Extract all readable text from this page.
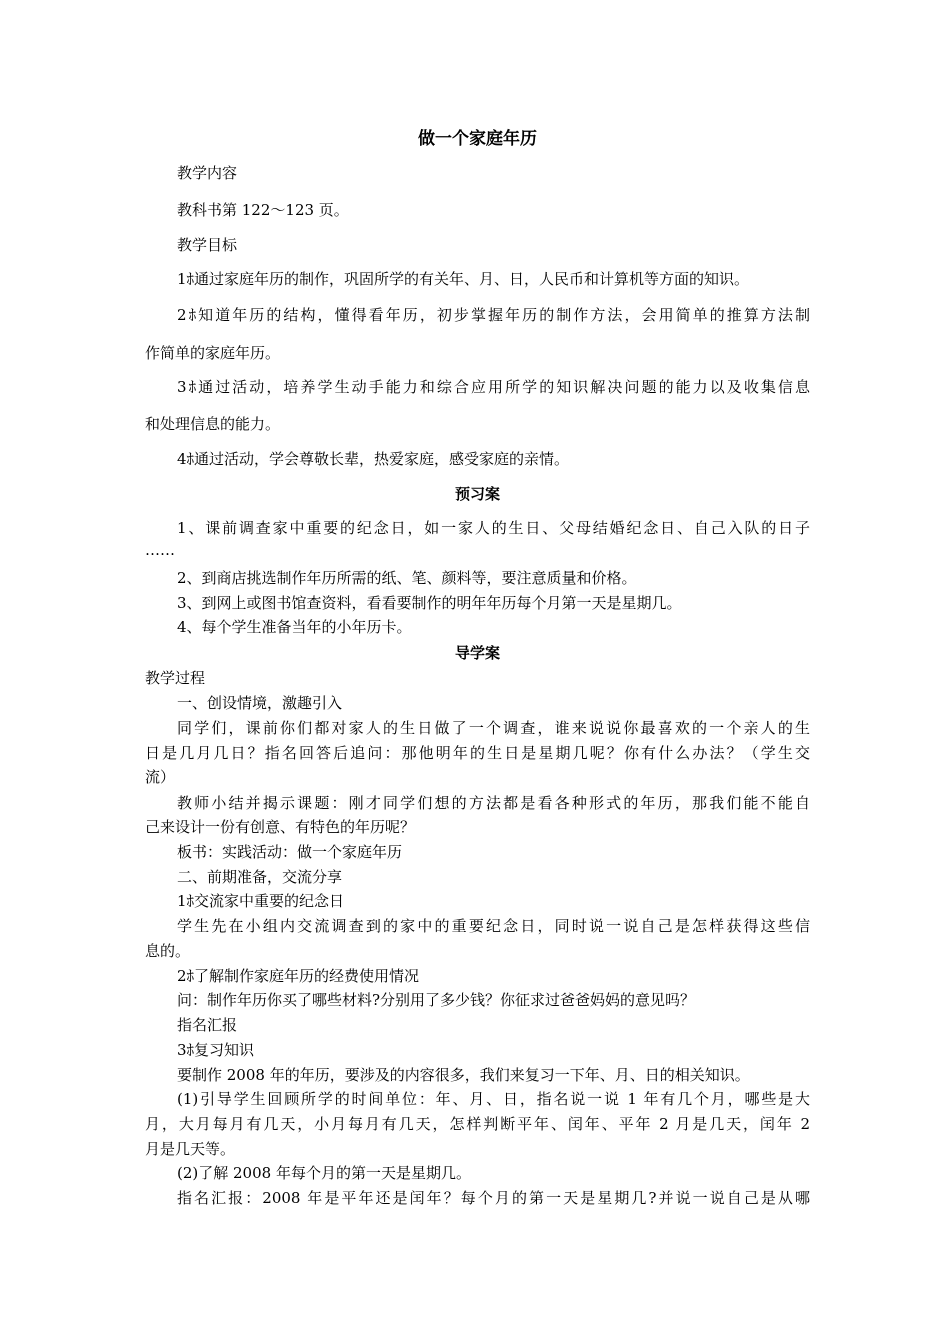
做一个家庭年历
教学内容
教科书第 122～123 页。
教学目标
1ﾎ通过家庭年历的制作，巩固所学的有关年、月、日，人民币和计算机等方面的知识。
2ﾎ知道年历的结构，懂得看年历，初步掌握年历的制作方法，会用简单的推算方法制
作简单的家庭年历。
3ﾎ通过活动，培养学生动手能力和综合应用所学的知识解决问题的能力以及收集信息
和处理信息的能力。
4ﾎ通过活动，学会尊敬长辈，热爱家庭，感受家庭的亲情。
预习案
1、课前调查家中重要的纪念日，如一家人的生日、父母结婚纪念日、自己入队的日子
……
2、到商店挑选制作年历所需的纸、笔、颜料等，要注意质量和价格。
3、到网上或图书馆查资料，看看要制作的明年年历每个月第一天是星期几。
4、每个学生准备当年的小年历卡。
导学案
教学过程
一、创设情境，激趣引入
同学们，课前你们都对家人的生日做了一个调查，谁来说说你最喜欢的一个亲人的生
日是几月几日？指名回答后追问：那他明年的生日是星期几呢？你有什么办法？（学生交
流）
教师小结并揭示课题：刚才同学们想的方法都是看各种形式的年历，那我们能不能自
己来设计一份有创意、有特色的年历呢？
板书：实践活动：做一个家庭年历
二、前期准备，交流分享
1ﾎ交流家中重要的纪念日
学生先在小组内交流调查到的家中的重要纪念日，同时说一说自己是怎样获得这些信
息的。
2ﾎ了解制作家庭年历的经费使用情况
问：制作年历你买了哪些材料?分别用了多少钱？你征求过爸爸妈妈的意见吗？
指名汇报
3ﾎ复习知识
要制作 2008 年的年历，要涉及的内容很多，我们来复习一下年、月、日的相关知识。
(1)引导学生回顾所学的时间单位：年、月、日，指名说一说 1 年有几个月，哪些是大
月，大月每月有几天，小月每月有几天，怎样判断平年、闰年、平年 2 月是几天，闰年 2
月是几天等。
(2)了解 2008 年每个月的第一天是星期几。
指名汇报：2008 年是平年还是闰年？每个月的第一天是星期几?并说一说自己是从哪
